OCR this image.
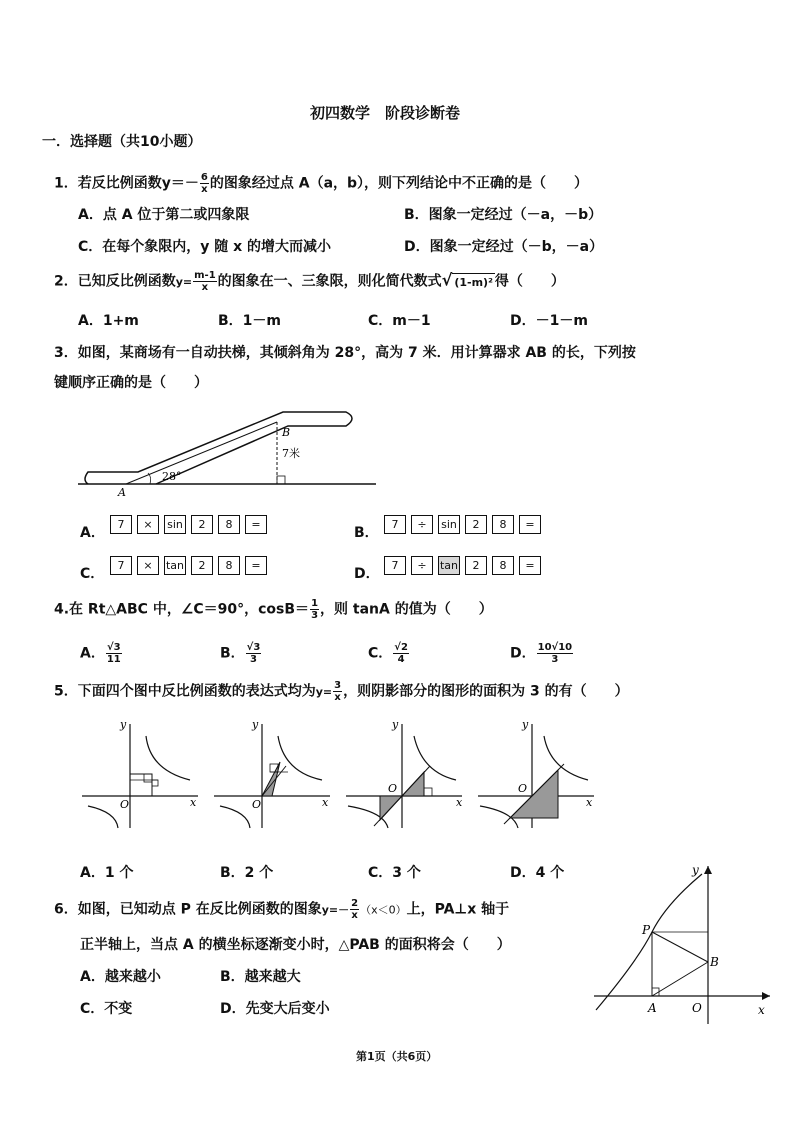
初四数学　阶段诊断卷
一．选择题（共10小题）
1．若反比例函数$y=- \frac{6}{x}$ 的图象经过点 A（a，b），则下列结论中不正确的是（　　）
A．点 A 位于第二或四象限	B．图象一定经过（－a，－b）
C．在每个象限内，y 随 x 的增大而减小	D．图象一定经过（－b，－a）
2．已知反比例函数$y= \frac{m-1}{x}$ 的图象在一、三象限，则化简代数式√ (1-m)² 得（　　）
A．1+m	B．1－m	C．m－1	D．－1－m
3．如图，某商场有一自动扶梯，其倾斜角为 28°，高为 7 米．用计算器求 AB 的长，下列按
键顺序正确的是（　　）
28°
B
7米
A
A．
7	×	sin	2	8	=
B．
7	÷	sin	2	8	=
C．
7	×	tan	2	8	=
D．
7	÷	tan	2	8	=
4.在 Rt△ABC 中，∠C＝90°，$\cos B= \frac{1}{3}$ ，则 tanA 的值为（　　）
A． $\frac{√3}{11}$	B． $\frac{√3}{3}$	C． $\frac{√2}{4}$	D． $\frac{10√10}{3}$
5．下面四个图中反比例函数的表达式均为$y= \frac{3}{x}$ ，则阴影部分的图形的面积为 3 的有（　　）
O	x
y
O	x
y
O
x
y
O
x
y
A．1 个	B．2 个	C．3 个	D．4 个
6．如图，已知动点 P 在反比例函数的图象$y=- \frac{2}{x} (x<0)$上，PA⊥x 轴于
正半轴上，当点 A 的横坐标逐渐变小时，△PAB 的面积将会（　　）
A．越来越小	B．越来越大
C．不变	D．先变大后变小
P
A
B
O	x
y
第1页（共6页）
